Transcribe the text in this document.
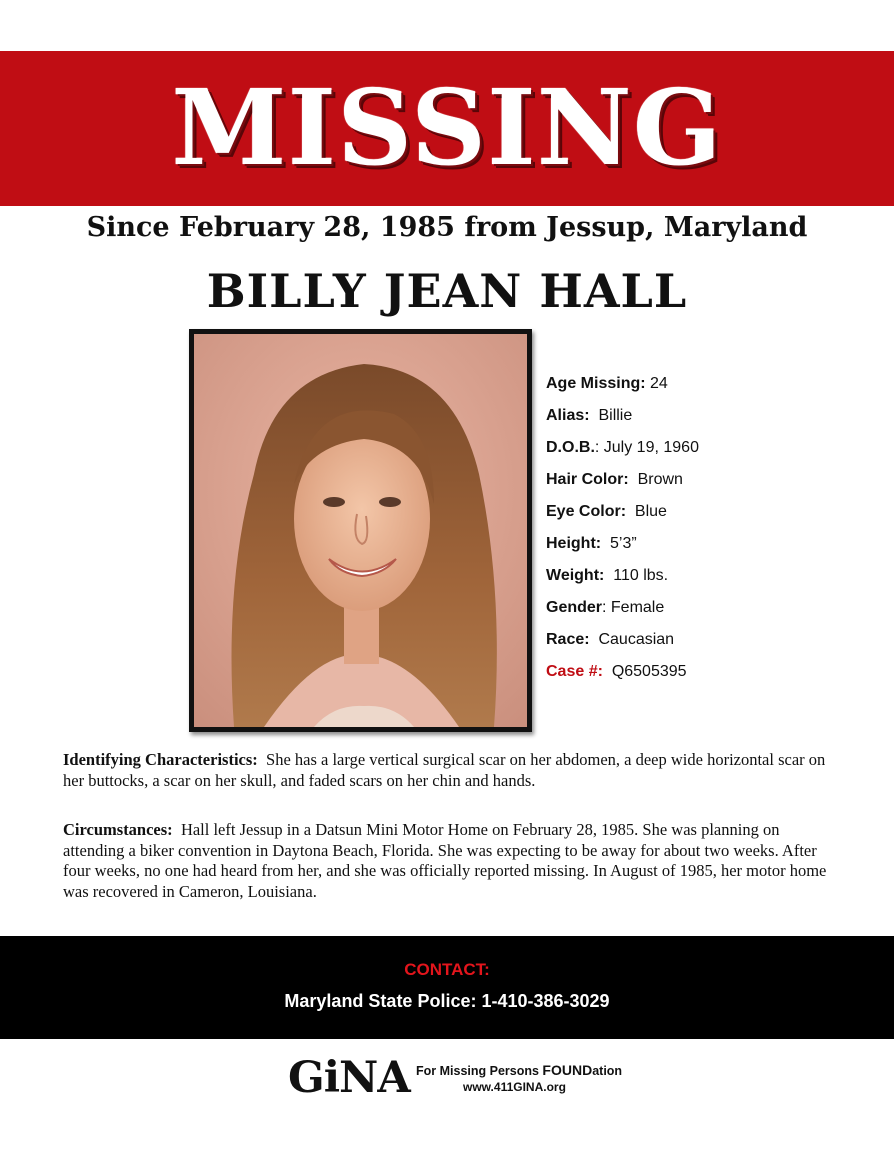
MISSING
Since February 28, 1985 from Jessup, Maryland
BILLY JEAN HALL
Age Missing: 24
Alias: Billie
D.O.B.: July 19, 1960
Hair Color: Brown
Eye Color: Blue
Height: 5’3”
Weight: 110 lbs.
Gender: Female
Race: Caucasian
Case #: Q6505395
Identifying Characteristics: She has a large vertical surgical scar on her abdomen, a deep wide horizontal scar on her buttocks, a scar on her skull, and faded scars on her chin and hands.
Circumstances: Hall left Jessup in a Datsun Mini Motor Home on February 28, 1985. She was planning on attending a biker convention in Daytona Beach, Florida. She was expecting to be away for about two weeks. After four weeks, no one had heard from her, and she was officially reported missing. In August of 1985, her motor home was recovered in Cameron, Louisiana.
CONTACT:
Maryland State Police: 1-410-386-3029
GiNA For Missing Persons FOUNDation
www.411GINA.org
